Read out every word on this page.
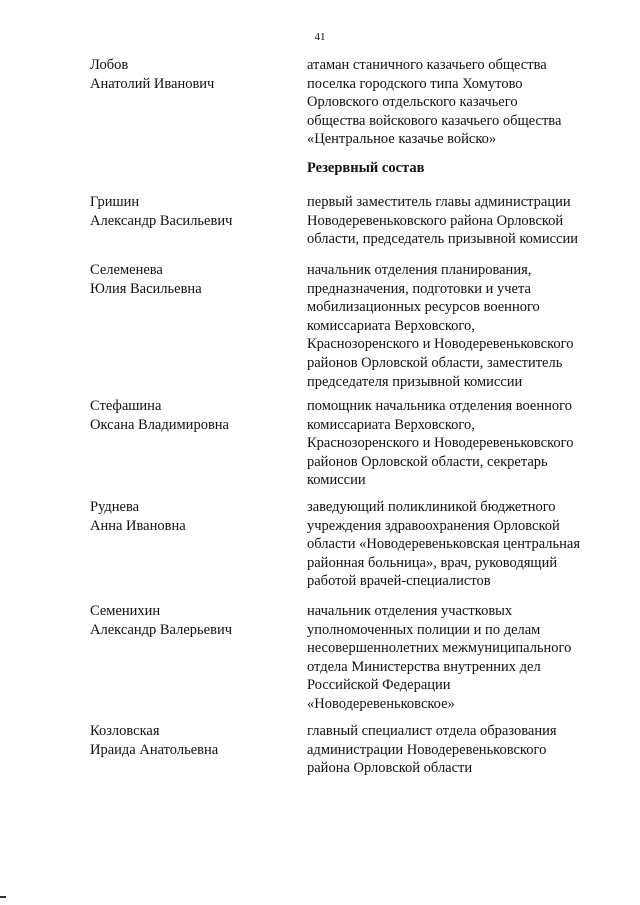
41
Лобов
Анатолий Иванович
атаман станичного казачьего общества
поселка городского типа Хомутово
Орловского отдельского казачьего
общества войскового казачьего общества
«Центральное казачье войско»
Резервный состав
Гришин
Александр Васильевич
первый заместитель главы администрации
Новодеревеньковского района Орловской
области, председатель призывной комиссии
Селеменева
Юлия Васильевна
начальник отделения планирования,
предназначения, подготовки и учета
мобилизационных ресурсов военного
комиссариата Верховского,
Краснозоренского и Новодеревеньковского
районов Орловской области, заместитель
председателя призывной комиссии
Стефашина
Оксана Владимировна
помощник начальника отделения военного
комиссариата Верховского,
Краснозоренского и Новодеревеньковского
районов Орловской области, секретарь
комиссии
Руднева
Анна Ивановна
заведующий поликлиникой бюджетного
учреждения здравоохранения Орловской
области «Новодеревеньковская центральная
районная больница», врач, руководящий
работой врачей-специалистов
Семенихин
Александр Валерьевич
начальник отделения участковых
уполномоченных полиции и по делам
несовершеннолетних межмуниципального
отдела Министерства внутренних дел
Российской Федерации
«Новодеревеньковское»
Козловская
Ираида Анатольевна
главный специалист отдела образования
администрации Новодеревеньковского
района Орловской области
